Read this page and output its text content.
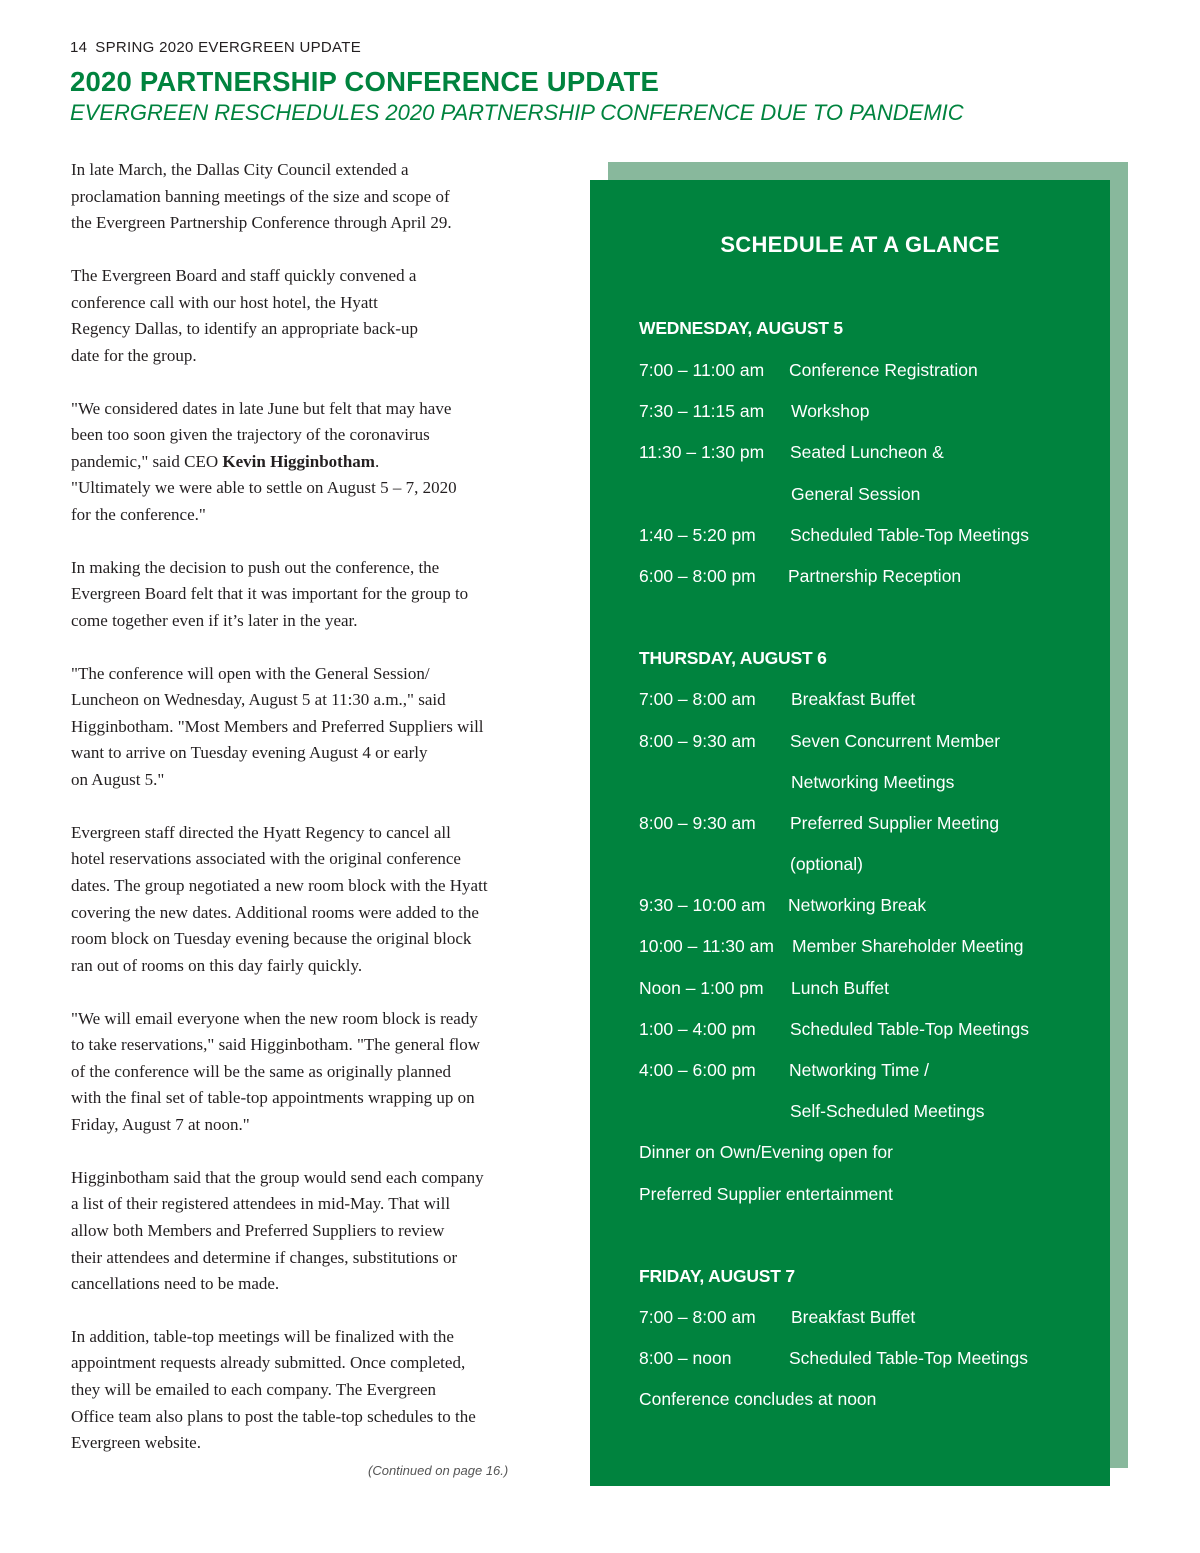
14 SPRING 2020 EVERGREEN UPDATE
2020 PARTNERSHIP CONFERENCE UPDATE
EVERGREEN RESCHEDULES 2020 PARTNERSHIP CONFERENCE DUE TO PANDEMIC

In late March, the Dallas City Council extended a
proclamation banning meetings of the size and scope of
the Evergreen Partnership Conference through April 29.

The Evergreen Board and staff quickly convened a
conference call with our host hotel, the Hyatt
Regency Dallas, to identify an appropriate back-up
date for the group.

"We considered dates in late June but felt that may have
been too soon given the trajectory of the coronavirus
pandemic," said CEO Kevin Higginbotham.
"Ultimately we were able to settle on August 5 – 7, 2020
for the conference."

In making the decision to push out the conference, the
Evergreen Board felt that it was important for the group to
come together even if it’s later in the year.

"The conference will open with the General Session/
Luncheon on Wednesday, August 5 at 11:30 a.m.," said
Higginbotham. "Most Members and Preferred Suppliers will
want to arrive on Tuesday evening August 4 or early
on August 5."

Evergreen staff directed the Hyatt Regency to cancel all
hotel reservations associated with the original conference
dates. The group negotiated a new room block with the Hyatt
covering the new dates. Additional rooms were added to the
room block on Tuesday evening because the original block
ran out of rooms on this day fairly quickly.

"We will email everyone when the new room block is ready
to take reservations," said Higginbotham. "The general flow
of the conference will be the same as originally planned
with the final set of table-top appointments wrapping up on
Friday, August 7 at noon."

Higginbotham said that the group would send each company
a list of their registered attendees in mid-May. That will
allow both Members and Preferred Suppliers to review
their attendees and determine if changes, substitutions or
cancellations need to be made.

In addition, table-top meetings will be finalized with the
appointment requests already submitted. Once completed,
they will be emailed to each company. The Evergreen
Office team also plans to post the table-top schedules to the
Evergreen website.

(Continued on page 16.)
SCHEDULE AT A GLANCE
WEDNESDAY, AUGUST 5
7:00 – 11:00 am Conference Registration
7:30 – 11:15 am Workshop
11:30 – 1:30 pm Seated Luncheon &
General Session
1:40 – 5:20 pm Scheduled Table-Top Meetings
6:00 – 8:00 pm Partnership Reception
THURSDAY, AUGUST 6
7:00 – 8:00 am Breakfast Buffet
8:00 – 9:30 am Seven Concurrent Member
Networking Meetings
8:00 – 9:30 am Preferred Supplier Meeting
(optional)
9:30 – 10:00 am Networking Break
10:00 – 11:30 am Member Shareholder Meeting
Noon – 1:00 pm Lunch Buffet
1:00 – 4:00 pm Scheduled Table-Top Meetings
4:00 – 6:00 pm Networking Time /
Self-Scheduled Meetings
Dinner on Own/Evening open for
Preferred Supplier entertainment
FRIDAY, AUGUST 7
7:00 – 8:00 am Breakfast Buffet
8:00 – noon	Scheduled Table-Top Meetings
Conference concludes at noon
